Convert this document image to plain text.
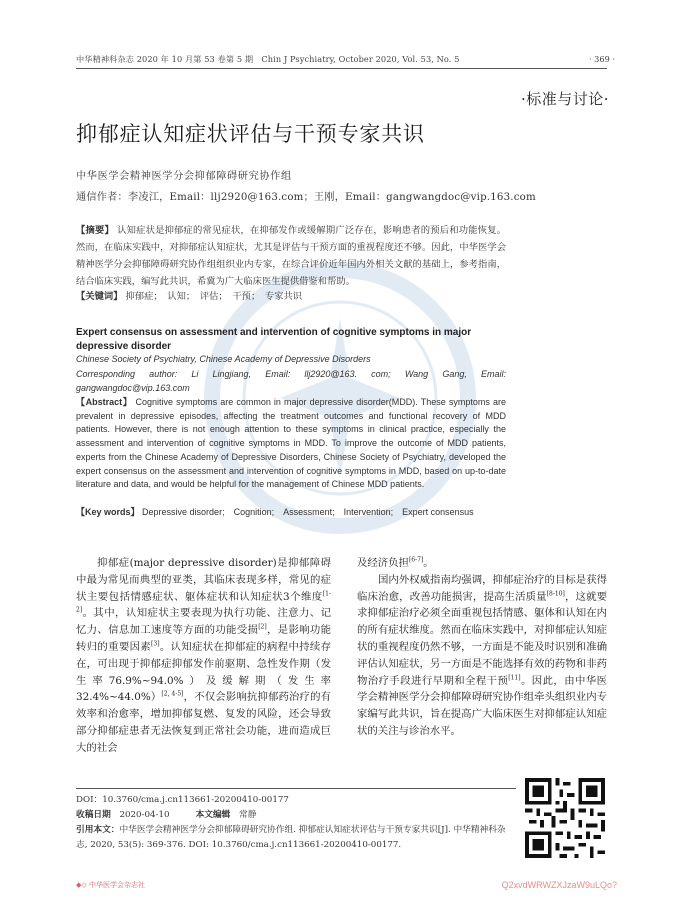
中华精神科杂志 2020 年 10 月第 53 卷第 5 期　Chin J Psychiatry, October 2020, Vol. 53, No. 5	· 369 ·
·标准与讨论·
抑郁症认知症状评估与干预专家共识
中华医学会精神医学分会抑郁障碍研究协作组
通信作者：李凌江，Email：llj2920@163.com；王刚，Email：gangwangdoc@vip.163.com
【摘要】 认知症状是抑郁症的常见症状，在抑郁发作或缓解期广泛存在，影响患者的预后和功能恢复。然而，在临床实践中，对抑郁症认知症状，尤其是评估与干预方面的重视程度还不够。因此，中华医学会精神医学分会抑郁障碍研究协作组组织业内专家，在综合评价近年国内外相关文献的基础上，参考指南，结合临床实践，编写此共识，希冀为广大临床医生提供借鉴和帮助。
【关键词】 抑郁症；　认知；　评估；　干预；　专家共识
Expert consensus on assessment and intervention of cognitive symptoms in major depressive disorder
Chinese Society of Psychiatry, Chinese Academy of Depressive Disorders
Corresponding author: Li Lingjiang, Email: llj2920@163. com; Wang Gang, Email: gangwangdoc@vip.163.com
【Abstract】 Cognitive symptoms are common in major depressive disorder(MDD). These symptoms are prevalent in depressive episodes, affecting the treatment outcomes and functional recovery of MDD patients. However, there is not enough attention to these symptoms in clinical practice, especially the assessment and intervention of cognitive symptoms in MDD. To improve the outcome of MDD patients, experts from the Chinese Academy of Depressive Disorders, Chinese Society of Psychiatry, developed the expert consensus on the assessment and intervention of cognitive symptoms in MDD, based on up-to-date literature and data, and would be helpful for the management of Chinese MDD patients.
【Key words】 Depressive disorder;　Cognition;　Assessment;　Intervention;　Expert consensus

抑郁症(major depressive disorder)是抑郁障碍中最为常见而典型的亚类，其临床表现多样，常见的症状主要包括情感症状、躯体症状和认知症状3个维度[1-2]。其中，认知症状主要表现为执行功能、注意力、记忆力、信息加工速度等方面的功能受损[2]，是影响功能转归的重要因素[3]。认知症状在抑郁症的病程中持续存在，可出现于抑郁症抑郁发作前驱期、急性发作期（发生率76.9%~94.0%）及缓解期（发生率32.4%~44.0%）[2, 4-5]，不仅会影响抗抑郁药治疗的有效率和治愈率，增加抑郁复燃、复发的风险，还会导致部分抑郁症患者无法恢复到正常社会功能，进而造成巨大的社会

及经济负担[6-7]。

国内外权威指南均强调，抑郁症治疗的目标是获得临床治愈，改善功能损害，提高生活质量[8-10]，这就要求抑郁症治疗必须全面重视包括情感、躯体和认知在内的所有症状维度。然而在临床实践中，对抑郁症认知症状的重视程度仍然不够，一方面是不能及时识别和准确评估认知症状，另一方面是不能选择有效的药物和非药物治疗手段进行早期和全程干预[11]。因此，由中华医学会精神医学分会抑郁障碍研究协作组牵头组织业内专家编写此共识，旨在提高广大临床医生对抑郁症认知症状的关注与诊治水平。

DOI：10.3760/cma.j.cn113661-20200410-00177
收稿日期　 2020-04-10　　　	本文编辑　 常静
引用本文：中华医学会精神医学分会抑郁障碍研究协作组. 抑郁症认知症状评估与干预专家共识[J]. 中华精神科杂志, 2020, 53(5): 369-376. DOI: 10.3760/cma.j.cn113661-20200410-00177.
◆◇ 中华医学会杂志社	Q2xvdWRWZXJzaW9uLQo?
